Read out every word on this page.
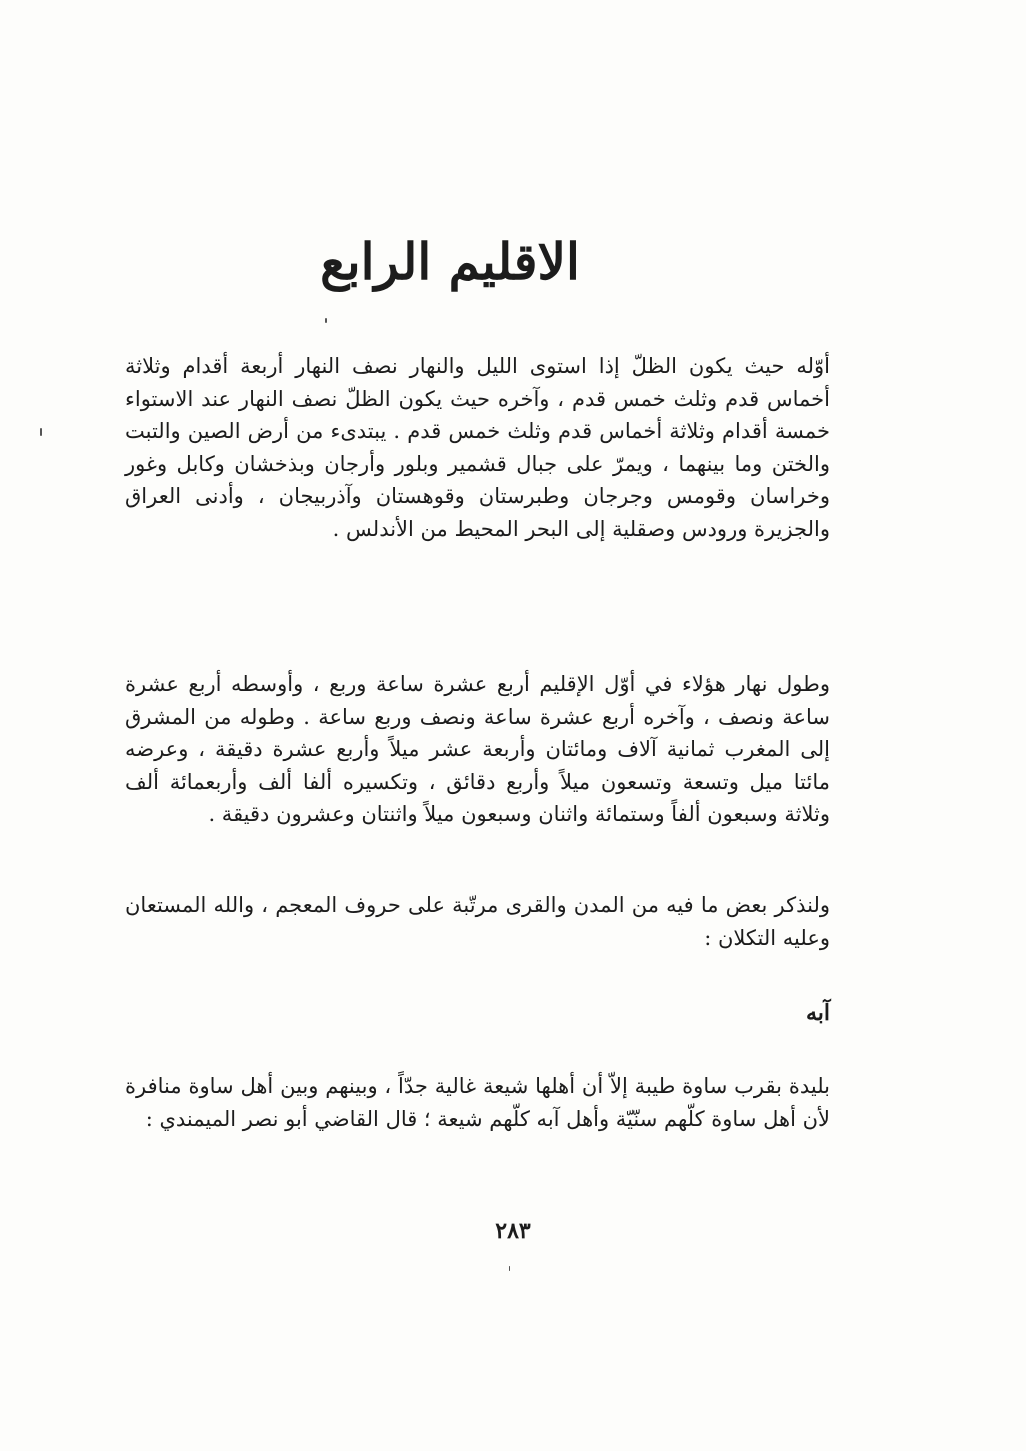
الاقليم الرابع

أوّله حيث يكون الظلّ إذا استوى الليل والنهار نصف النهار أربعة أقدام وثلاثة أخماس قدم وثلث خمس قدم ، وآخره حيث يكون الظلّ نصف النهار عند الاستواء خمسة أقدام وثلاثة أخماس قدم وثلث خمس قدم . يبتدىء من أرض الصين والتبت والختن وما بينهما ، ويمرّ على جبال قشمير وبلور وأرجان وبذخشان وكابل وغور وخراسان وقومس وجرجان وطبرستان وقوهستان وآذربيجان ، وأدنى العراق والجزيرة ورودس وصقلية إلى البحر المحيط من الأندلس .

وطول نهار هؤلاء في أوّل الإقليم أربع عشرة ساعة وربع ، وأوسطه أربع عشرة ساعة ونصف ، وآخره أربع عشرة ساعة ونصف وربع ساعة . وطوله من المشرق إلى المغرب ثمانية آلاف ومائتان وأربعة عشر ميلاً وأربع عشرة دقيقة ، وعرضه مائتا ميل وتسعة وتسعون ميلاً وأربع دقائق ، وتكسيره ألفا ألف وأربعمائة ألف وثلاثة وسبعون ألفاً وستمائة واثنان وسبعون ميلاً واثنتان وعشرون دقيقة .

ولنذكر بعض ما فيه من المدن والقرى مرتّبة على حروف المعجم ، والله المستعان وعليه التكلان :

آبه

بليدة بقرب ساوة طيبة إلاّ أن أهلها شيعة غالية جدّاً ، وبينهم وبين أهل ساوة منافرة لأن أهل ساوة كلّهم سنّيّة وأهل آبه كلّهم شيعة ؛ قال القاضي أبو نصر الميمندي :

٢٨٣
